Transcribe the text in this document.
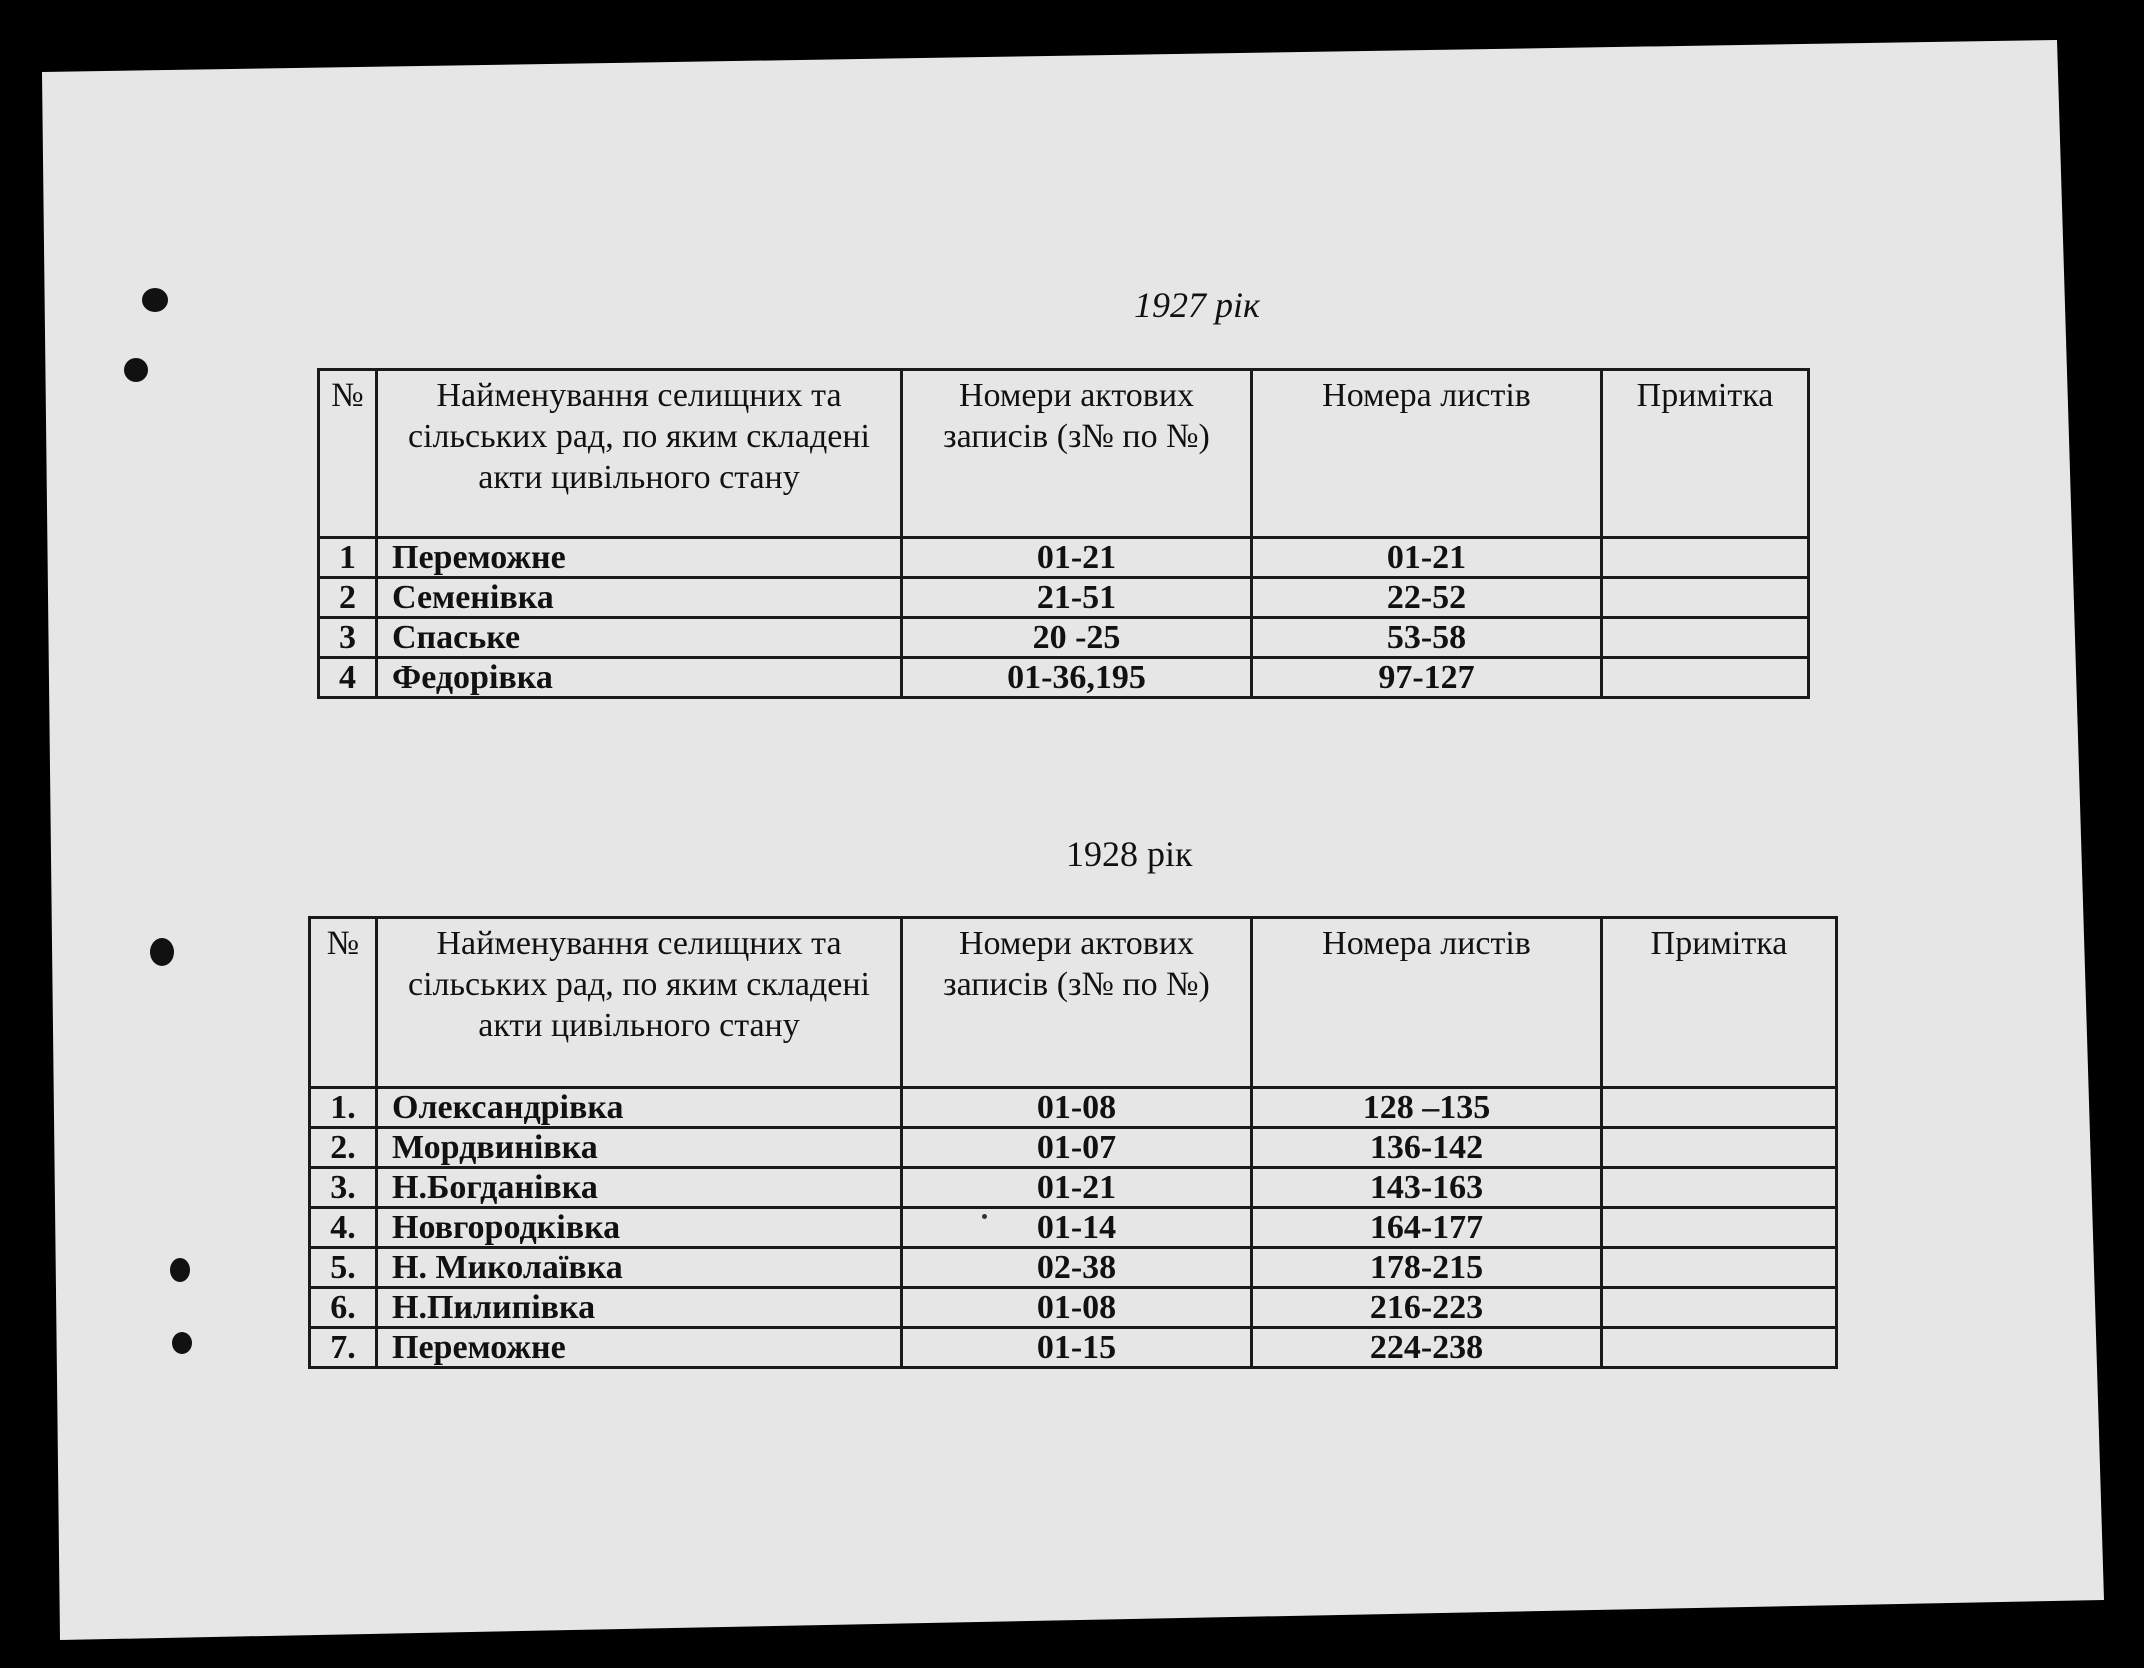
1927 рік
№	Найменування селищних та сільських рад, по яким складені акти цивільного стану	Номери актових записів (з№ по №)	Номера листів	Примітка
1	Переможне	01-21	01-21	
2	Семенівка	21-51	22-52	
3	Спаське	20 -25	53-58	
4	Федорівка	01-36,195	97-127	
1928 рік
№	Найменування селищних та сільських рад, по яким складені акти цивільного стану	Номери актових записів (з№ по №)	Номера листів	Примітка
1.	Олександрівка	01-08	128 –135	
2.	Мордвинівка	01-07	136-142	
3.	Н.Богданівка	01-21	143-163	
4.	Новгородківка	01-14	164-177	
5.	Н. Миколаївка	02-38	178-215	
6.	Н.Пилипівка	01-08	216-223	
7.	Переможне	01-15	224-238	
